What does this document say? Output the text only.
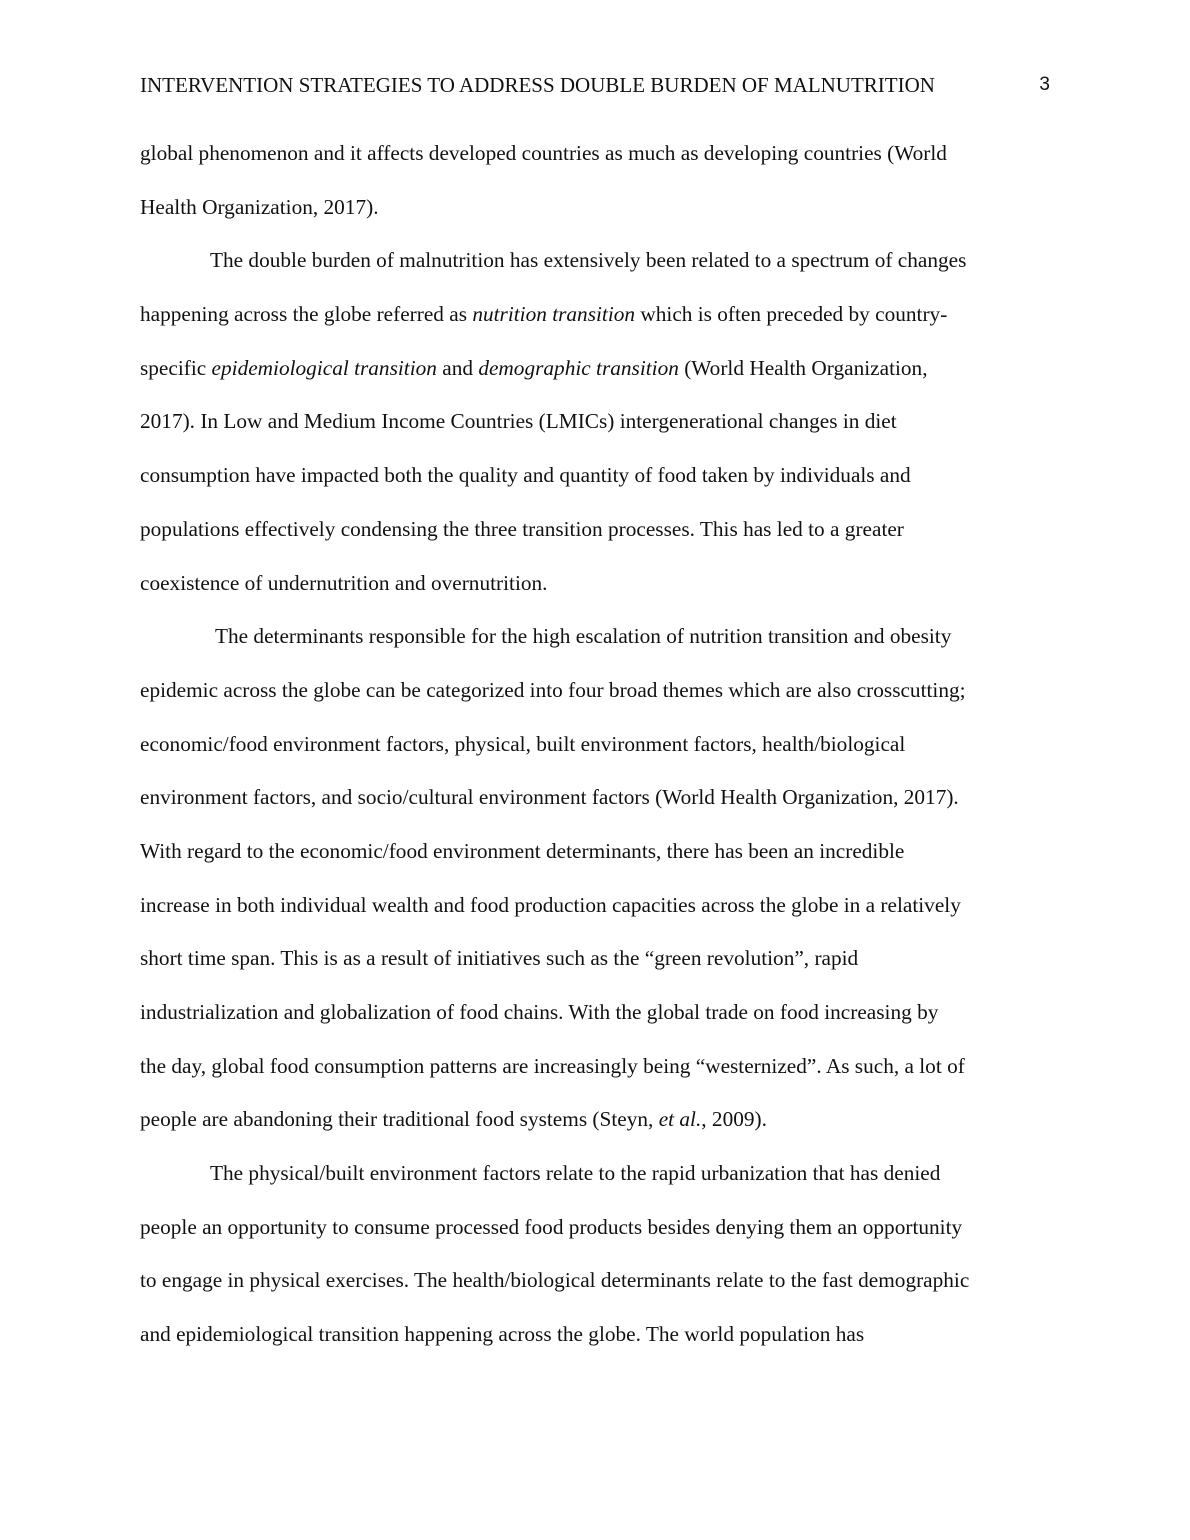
INTERVENTION STRATEGIES TO ADDRESS DOUBLE BURDEN OF MALNUTRITION	3
global phenomenon and it affects developed countries as much as developing countries (World
Health Organization, 2017).
The double burden of malnutrition has extensively been related to a spectrum of changes
happening across the globe referred as nutrition transition which is often preceded by country-
specific epidemiological transition and demographic transition (World Health Organization,
2017). In Low and Medium Income Countries (LMICs) intergenerational changes in diet
consumption have impacted both the quality and quantity of food taken by individuals and
populations effectively condensing the three transition processes. This has led to a greater
coexistence of undernutrition and overnutrition.
The determinants responsible for the high escalation of nutrition transition and obesity
epidemic across the globe can be categorized into four broad themes which are also crosscutting;
economic/food environment factors, physical, built environment factors, health/biological
environment factors, and socio/cultural environment factors (World Health Organization, 2017).
With regard to the economic/food environment determinants, there has been an incredible
increase in both individual wealth and food production capacities across the globe in a relatively
short time span. This is as a result of initiatives such as the “green revolution”, rapid
industrialization and globalization of food chains. With the global trade on food increasing by
the day, global food consumption patterns are increasingly being “westernized”. As such, a lot of
people are abandoning their traditional food systems (Steyn, et al., 2009).
The physical/built environment factors relate to the rapid urbanization that has denied
people an opportunity to consume processed food products besides denying them an opportunity
to engage in physical exercises. The health/biological determinants relate to the fast demographic
and epidemiological transition happening across the globe. The world population has
